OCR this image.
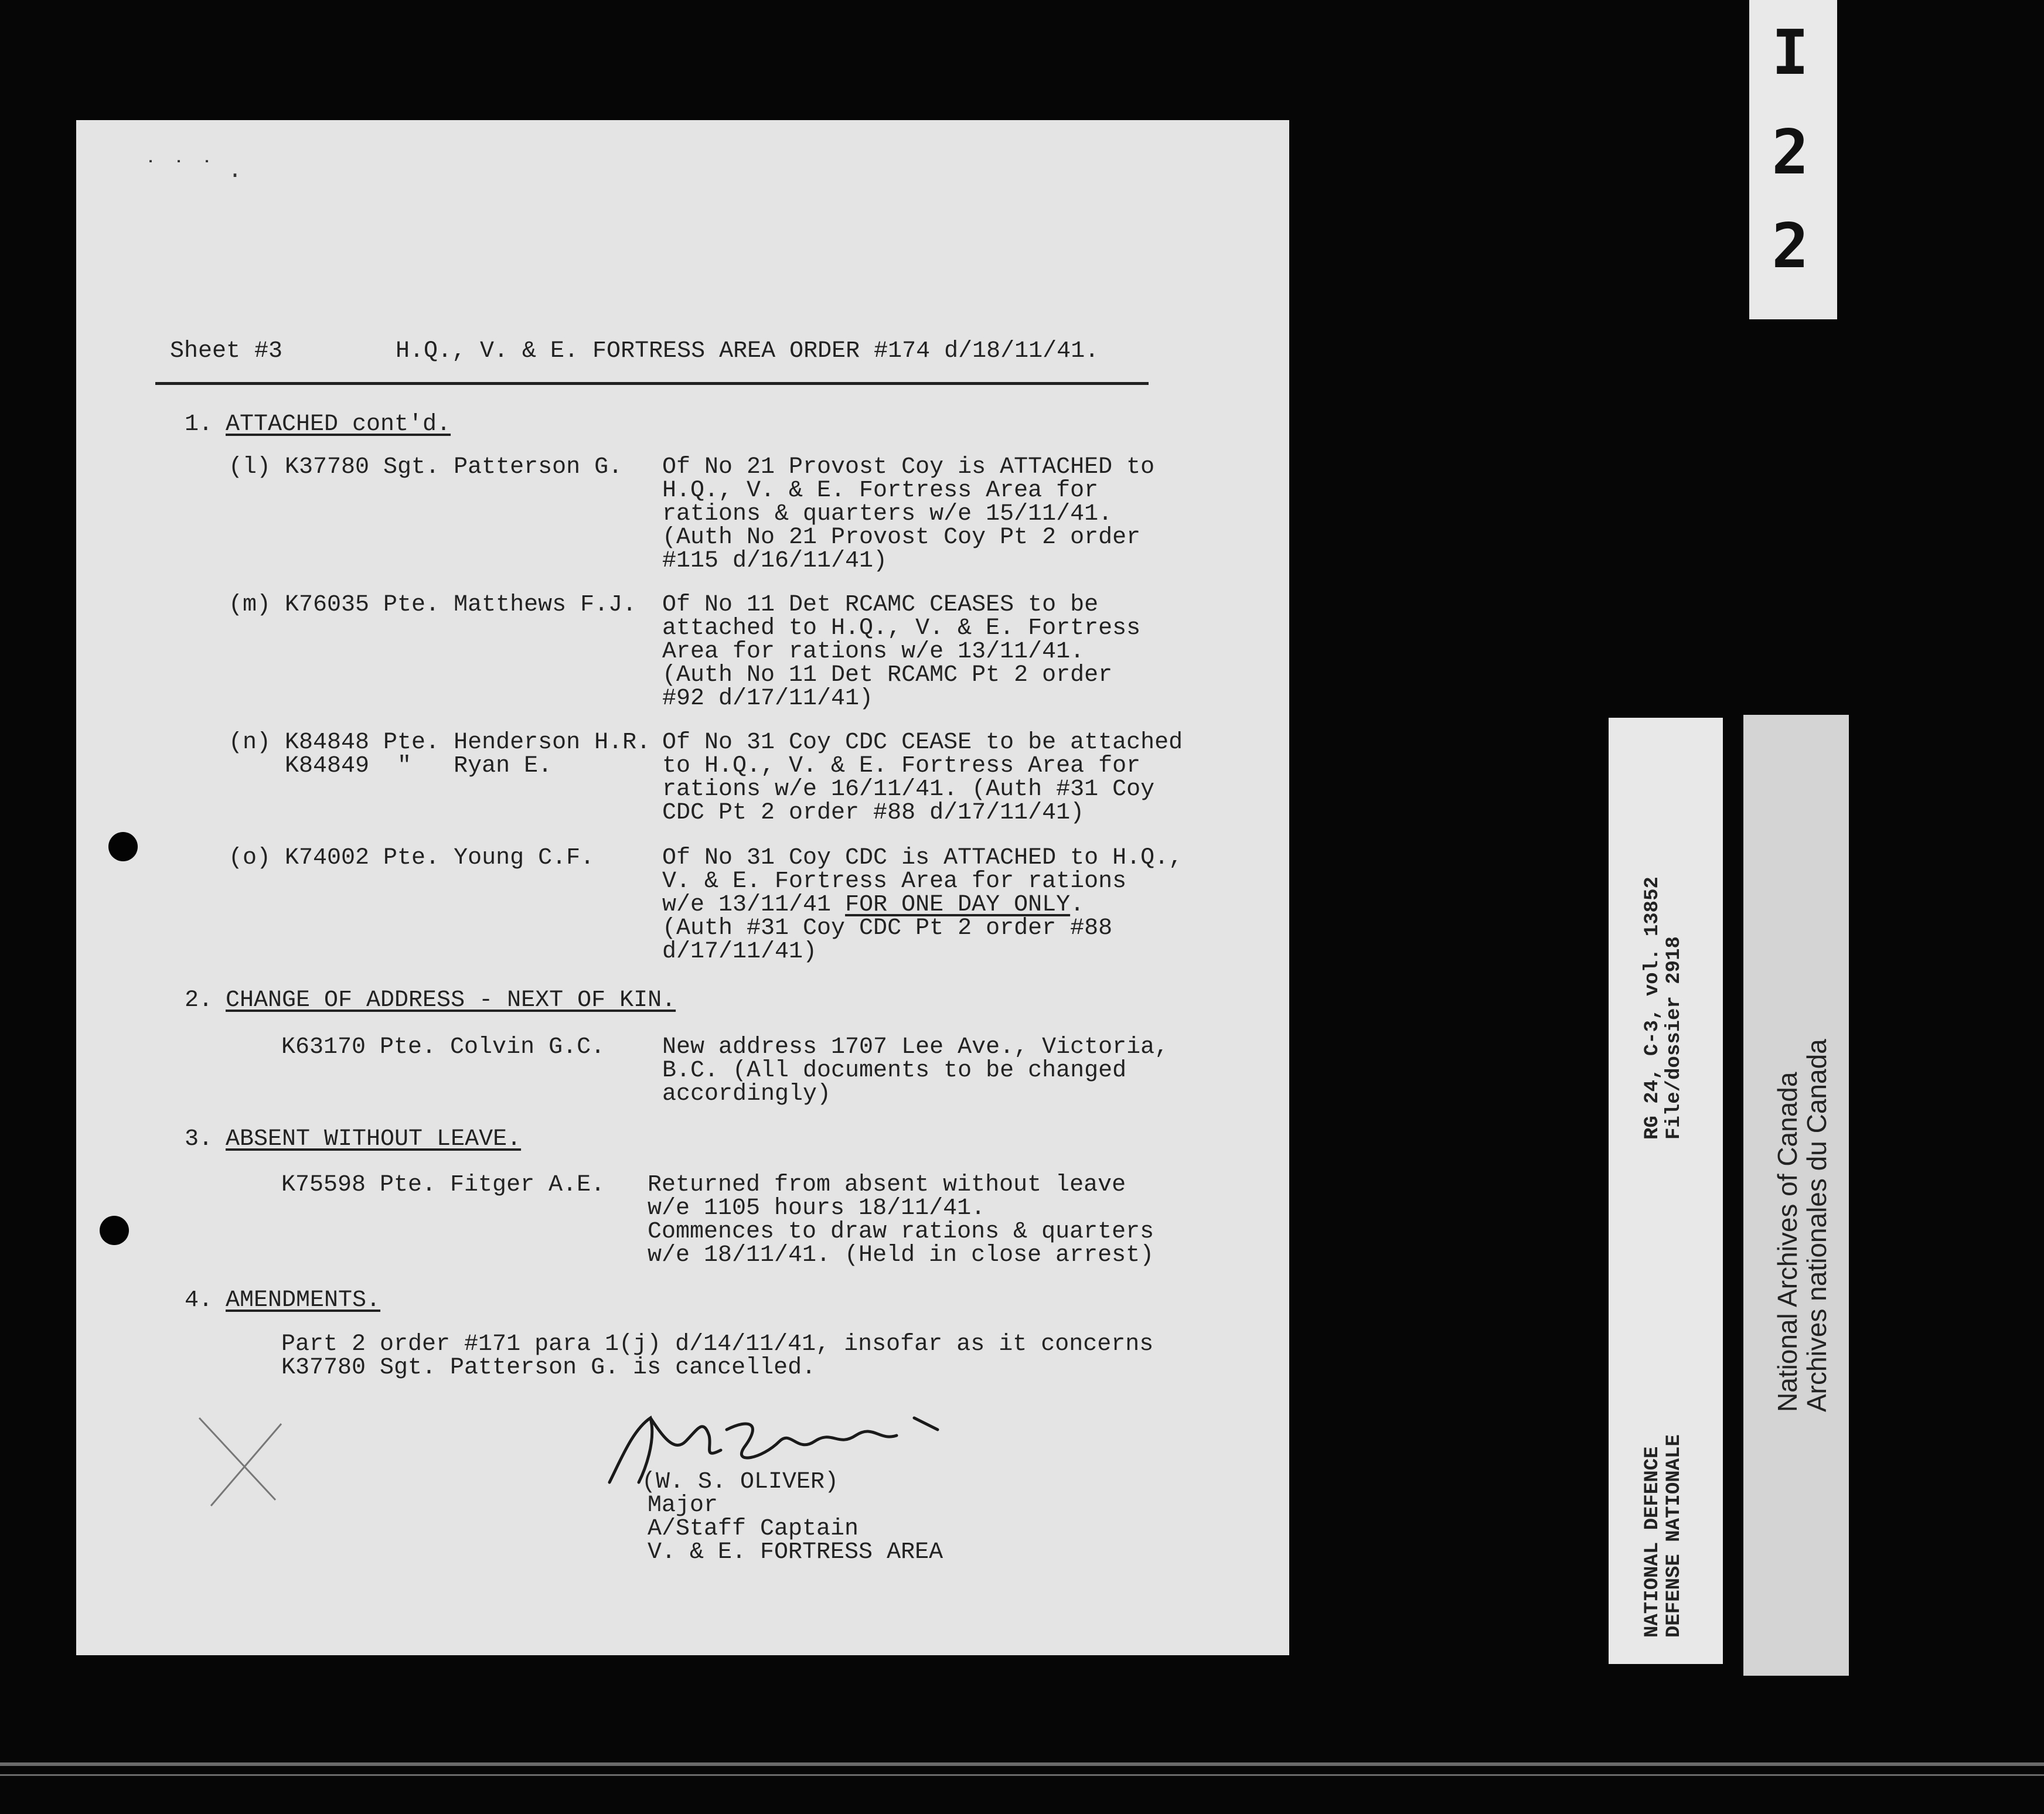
I
2
2
˙ ˙ ˙ .
Sheet #3	H.Q., V. & E. FORTRESS AREA ORDER #174 d/18/11/41.
1. ATTACHED cont'd.
(l) K37780 Sgt. Patterson G. Of No 21 Provost Coy is ATTACHED to
H.Q., V. & E. Fortress Area for
rations & quarters w/e 15/11/41.
(Auth No 21 Provost Coy Pt 2 order
#115 d/16/11/41)
(m) K76035 Pte. Matthews F.J. Of No 11 Det RCAMC CEASES to be
attached to H.Q., V. & E. Fortress
Area for rations w/e 13/11/41.
(Auth No 11 Det RCAMC Pt 2 order
#92 d/17/11/41)
(n) K84848 Pte. Henderson H.R.
K84849  "   Ryan E.
Of No 31 Coy CDC CEASE to be attached
to H.Q., V. & E. Fortress Area for
rations w/e 16/11/41. (Auth #31 Coy
CDC Pt 2 order #88 d/17/11/41)
(o) K74002 Pte. Young C.F.	Of No 31 Coy CDC is ATTACHED to H.Q.,
V. & E. Fortress Area for rations
w/e 13/11/41 FOR ONE DAY ONLY.
(Auth #31 Coy CDC Pt 2 order #88
d/17/11/41)
2. CHANGE OF ADDRESS - NEXT OF KIN.
K63170 Pte. Colvin G.C. New address 1707 Lee Ave., Victoria,
B.C. (All documents to be changed
accordingly)
3. ABSENT WITHOUT LEAVE.
K75598 Pte. Fitger A.E. Returned from absent without leave
w/e 1105 hours 18/11/41.
Commences to draw rations & quarters
w/e 18/11/41. (Held in close arrest)
4. AMENDMENTS.
Part 2 order #171 para 1(j) d/14/11/41, insofar as it concerns
K37780 Sgt. Patterson G. is cancelled.
(W. S. OLIVER)
Major
A/Staff Captain
V. & E. FORTRESS AREA
RG 24, C-3, vol. 13852 File/dossier 2918
NATIONAL DEFENCE DEFENSE NATIONALE
National Archives of Canada
Archives nationales du Canada
